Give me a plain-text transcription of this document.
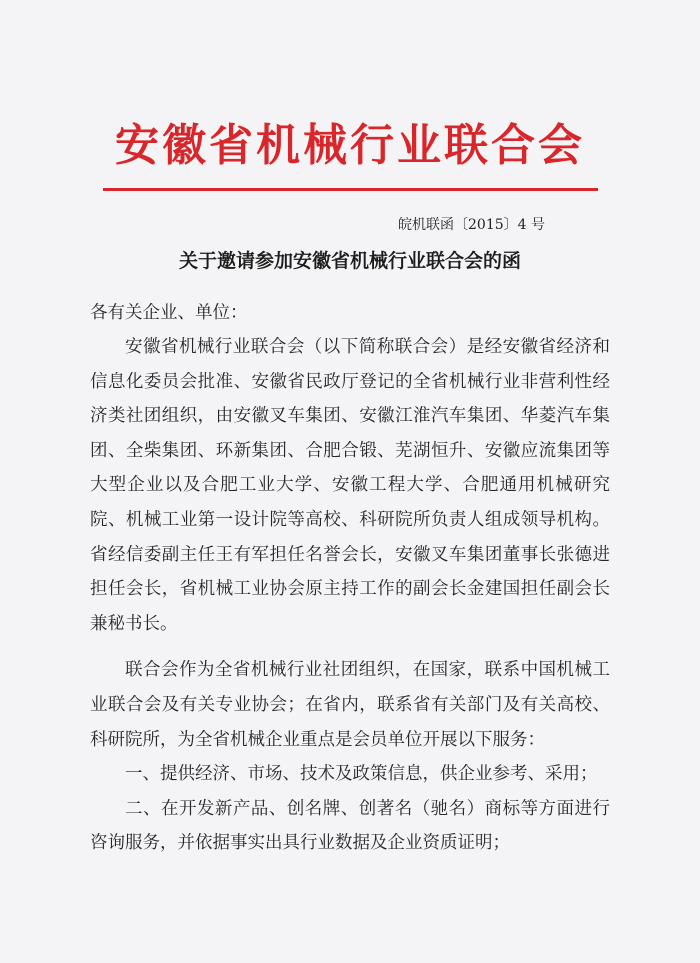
安徽省机械行业联合会
皖机联函〔2015〕4 号
关于邀请参加安徽省机械行业联合会的函

各有关企业、单位：

安徽省机械行业联合会（以下简称联合会）是经安徽省经济和信息化委员会批准、安徽省民政厅登记的全省机械行业非营利性经济类社团组织，由安徽叉车集团、安徽江淮汽车集团、华菱汽车集团、全柴集团、环新集团、合肥合锻、芜湖恒升、安徽应流集团等大型企业以及合肥工业大学、安徽工程大学、合肥通用机械研究院、机械工业第一设计院等高校、科研院所负责人组成领导机构。省经信委副主任王有军担任名誉会长，安徽叉车集团董事长张德进担任会长，省机械工业协会原主持工作的副会长金建国担任副会长兼秘书长。

联合会作为全省机械行业社团组织，在国家，联系中国机械工业联合会及有关专业协会；在省内，联系省有关部门及有关高校、科研院所，为全省机械企业重点是会员单位开展以下服务：

一、提供经济、市场、技术及政策信息，供企业参考、采用；

二、在开发新产品、创名牌、创著名（驰名）商标等方面进行咨询服务，并依据事实出具行业数据及企业资质证明；
